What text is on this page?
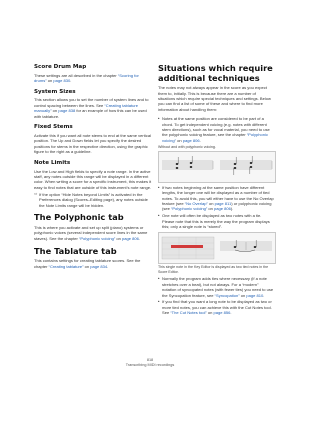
Score Drum Map

These settings are all described in the chapter “Scoring for drums” on page 830.

System Sizes

This section allows you to set the number of system lines and to control spacing between the lines. See “Creating tablature manually” on page 838 for an example of how this can be used with tablature.

Fixed Stems

Activate this if you want all note stems to end at the same vertical position. The Up and Down fields let you specify the desired positions for stems in the respective direction, using the graphic figure to the right as a guideline.

Note Limits

Use the Low and High fields to specify a note range. In the active staff, any notes outside this range will be displayed in a different color. When writing a score for a specific instrument, this makes it easy to find notes that are outside of this instrument’s note range.

⇨ If the option “Hide Notes beyond Limits” is activated in the Preferences dialog (Scores–Editing page), any notes outside the Note Limits range will be hidden.

The Polyphonic tab

This is where you activate and set up split (piano) systems or polyphonic voices (several independent score lines in the same staves). See the chapter “Polyphonic voicing” on page 806.

The Tablature tab

This contains settings for creating tablature scores. See the chapter “Creating tablature” on page 834.

Situations which require additional techniques

The notes may not always appear in the score as you expect them to, initially. This is because there are a number of situations which require special techniques and settings. Below you can find a list of some of these and where to find more information about handling them:

• Notes at the same position are considered to be part of a chord. To get independent voicing (e.g. notes with different stem directions), such as for vocal material, you need to use the polyphonic voicing feature, see the chapter “Polyphonic voicing” on page 806.

Without and with polyphonic voicing.

• If two notes beginning at the same position have different lengths, the longer one will be displayed as a number of tied notes. To avoid this, you will either have to use the No Overlap feature (see “No Overlap” on page 811) or polyphonic voicing (see “Polyphonic voicing” on page 806).

• One note will often be displayed as two notes with a tie. Please note that this is merely the way the program displays this; only a single note is “stored”.

This single note in the Key Editor is displayed as two tied notes in the Score Editor.

• Normally the program adds ties where necessary (if a note stretches over a beat), but not always. For a “modern” notation of syncopated notes (with fewer ties) you need to use the Syncopation feature, see “Syncopation” on page 810.

• If you find that you want a long note to be displayed as two or more tied notes, you can achieve this with the Cut Notes tool. See “The Cut Notes tool” on page 856.

818
Transcribing MIDI recordings
